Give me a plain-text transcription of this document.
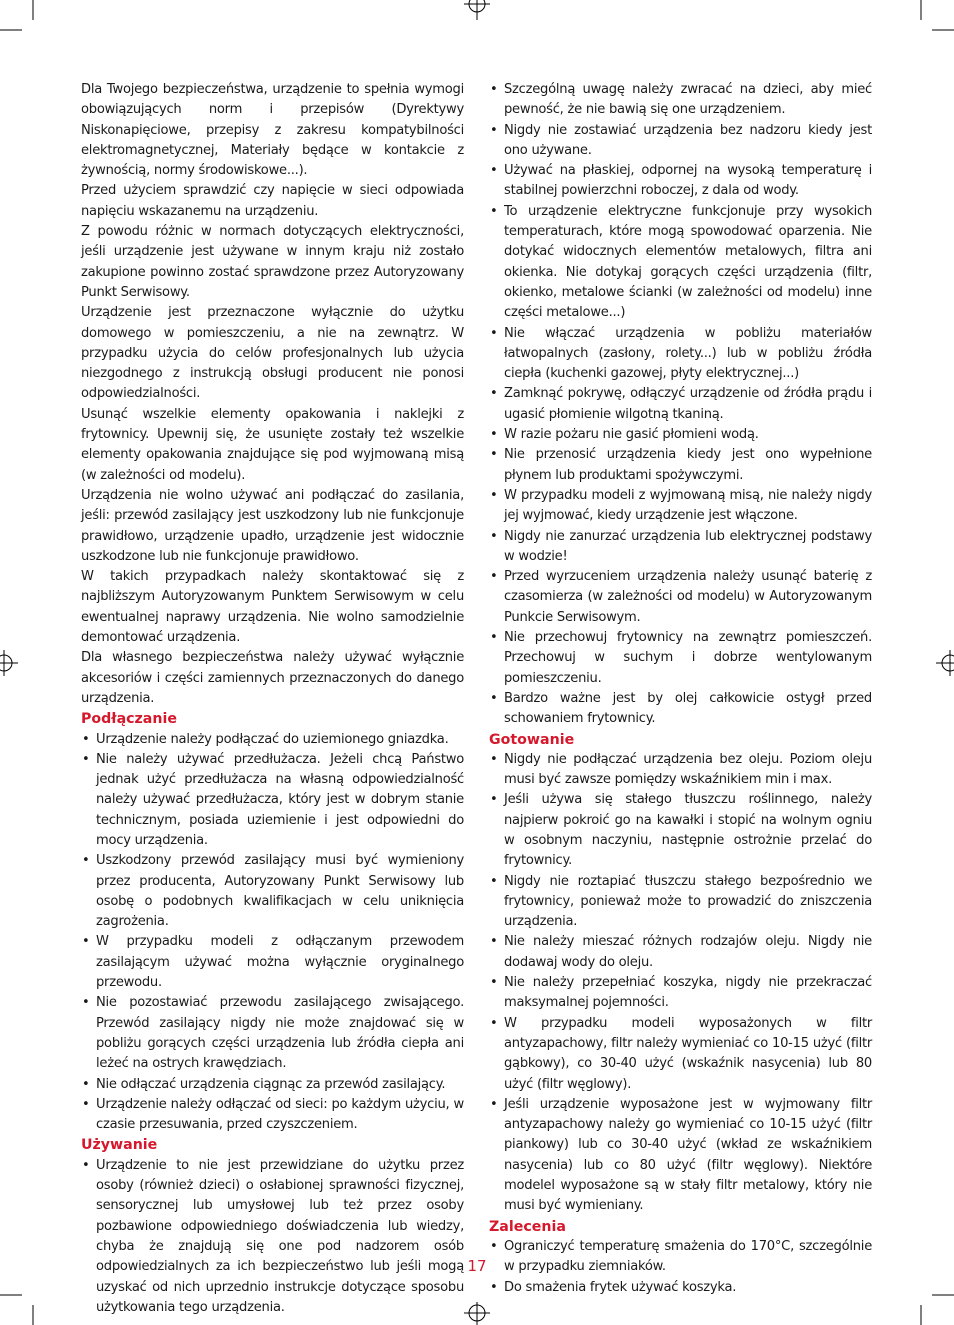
Dla Twojego bezpieczeństwa, urządzenie to spełnia wymogi obowiązujących norm i przepisów (Dyrektywy Niskonapięciowe, przepisy z zakresu kompatybilności elektromagnetycznej, Materiały będące w kontakcie z żywnością, normy środowiskowe...).

Przed użyciem sprawdzić czy napięcie w sieci odpowiada napięciu wskazanemu na urządzeniu.

Z powodu różnic w normach dotyczących elektryczności, jeśli urządzenie jest używane w innym kraju niż zostało zakupione powinno zostać sprawdzone przez Autoryzowany Punkt Serwisowy.

Urządzenie jest przeznaczone wyłącznie do użytku domowego w pomieszczeniu, a nie na zewnątrz. W przypadku użycia do celów profesjonalnych lub użycia niezgodnego z instrukcją obsługi producent nie ponosi odpowiedzialności.

Usunąć wszelkie elementy opakowania i naklejki z frytownicy. Upewnij się, że usunięte zostały też wszelkie elementy opakowania znajdujące się pod wyjmowaną misą (w zależności od modelu).

Urządzenia nie wolno używać ani podłączać do zasilania, jeśli: przewód zasilający jest uszkodzony lub nie funkcjonuje prawidłowo, urządzenie upadło, urządzenie jest widocznie uszkodzone lub nie funkcjonuje prawidłowo.

W takich przypadkach należy skontaktować się z najbliższym Autoryzowanym Punktem Serwisowym w celu ewentualnej naprawy urządzenia. Nie wolno samodzielnie demontować urządzenia.

Dla własnego bezpieczeństwa należy używać wyłącznie akcesoriów i części zamiennych przeznaczonych do danego urządzenia.

Podłączanie
• Urządzenie należy podłączać do uziemionego gniazdka.
• Nie należy używać przedłużacza. Jeżeli chcą Państwo jednak użyć przedłużacza na własną odpowiedzialność należy używać przedłużacza, który jest w dobrym stanie technicznym, posiada uziemienie i jest odpowiedni do mocy urządzenia.
• Uszkodzony przewód zasilający musi być wymieniony przez producenta, Autoryzowany Punkt Serwisowy lub osobę o podobnych kwalifikacjach w celu uniknięcia zagrożenia.
• W przypadku modeli z odłączanym przewodem zasilającym używać można wyłącznie oryginalnego przewodu.
• Nie pozostawiać przewodu zasilającego zwisającego. Przewód zasilający nigdy nie może znajdować się w pobliżu gorących części urządzenia lub źródła ciepła ani leżeć na ostrych krawędziach.
• Nie odłączać urządzenia ciągnąc za przewód zasilający.
• Urządzenie należy odłączać od sieci: po każdym użyciu, w czasie przesuwania, przed czyszczeniem.
Używanie
• Urządzenie to nie jest przewidziane do użytku przez osoby (również dzieci) o osłabionej sprawności fizycznej, sensorycznej lub umysłowej lub też przez osoby pozbawione odpowiedniego doświadczenia lub wiedzy, chyba że znajdują się one pod nadzorem osób odpowiedzialnych za ich bezpieczeństwo lub jeśli mogą uzyskać od nich uprzednio instrukcje dotyczące sposobu użytkowania tego urządzenia.
• Szczególną uwagę należy zwracać na dzieci, aby mieć pewność, że nie bawią się one urządzeniem.
• Nigdy nie zostawiać urządzenia bez nadzoru kiedy jest ono używane.
• Używać na płaskiej, odpornej na wysoką temperaturę i stabilnej powierzchni roboczej, z dala od wody.
• To urządzenie elektryczne funkcjonuje przy wysokich temperaturach, które mogą spowodować oparzenia. Nie dotykać widocznych elementów metalowych, filtra ani okienka. Nie dotykaj gorących części urządzenia (filtr, okienko, metalowe ścianki (w zależności od modelu) inne części metalowe...)
• Nie włączać urządzenia w pobliżu materiałów łatwopalnych (zasłony, rolety...) lub w pobliżu źródła ciepła (kuchenki gazowej, płyty elektrycznej...)
• Zamknąć pokrywę, odłączyć urządzenie od źródła prądu i ugasić płomienie wilgotną tkaniną.
• W razie pożaru nie gasić płomieni wodą.
• Nie przenosić urządzenia kiedy jest ono wypełnione płynem lub produktami spożywczymi.
• W przypadku modeli z wyjmowaną misą, nie należy nigdy jej wyjmować, kiedy urządzenie jest włączone.
• Nigdy nie zanurzać urządzenia lub elektrycznej podstawy w wodzie!
• Przed wyrzuceniem urządzenia należy usunąć baterię z czasomierza (w zależności od modelu) w Autoryzowanym Punkcie Serwisowym.
• Nie przechowuj frytownicy na zewnątrz pomieszczeń. Przechowuj w suchym i dobrze wentylowanym pomieszczeniu.
• Bardzo ważne jest by olej całkowicie ostygł przed schowaniem frytownicy.
Gotowanie
• Nigdy nie podłączać urządzenia bez oleju. Poziom oleju musi być zawsze pomiędzy wskaźnikiem min i max.
• Jeśli używa się stałego tłuszczu roślinnego, należy najpierw pokroić go na kawałki i stopić na wolnym ogniu w osobnym naczyniu, następnie ostrożnie przelać do frytownicy.
• Nigdy nie roztapiać tłuszczu stałego bezpośrednio we frytownicy, ponieważ może to prowadzić do zniszczenia urządzenia.
• Nie należy mieszać różnych rodzajów oleju. Nigdy nie dodawaj wody do oleju.
• Nie należy przepełniać koszyka, nigdy nie przekraczać maksymalnej pojemności.
• W przypadku modeli wyposażonych w filtr antyzapachowy, filtr należy wymieniać co 10-15 użyć (filtr gąbkowy), co 30-40 użyć (wskaźnik nasycenia) lub 80 użyć (filtr węglowy).
• Jeśli urządzenie wyposażone jest w wyjmowany filtr antyzapachowy należy go wymieniać co 10-15 użyć (filtr piankowy) lub co 30-40 użyć (wkład ze wskaźnikiem nasycenia) lub co 80 użyć (filtr węglowy). Niektóre modelel wyposażone są w stały filtr metalowy, który nie musi być wymieniany.
Zalecenia
• Ograniczyć temperaturę smażenia do 170°C, szczególnie w przypadku ziemniaków.
• Do smażenia frytek używać koszyka.
17
